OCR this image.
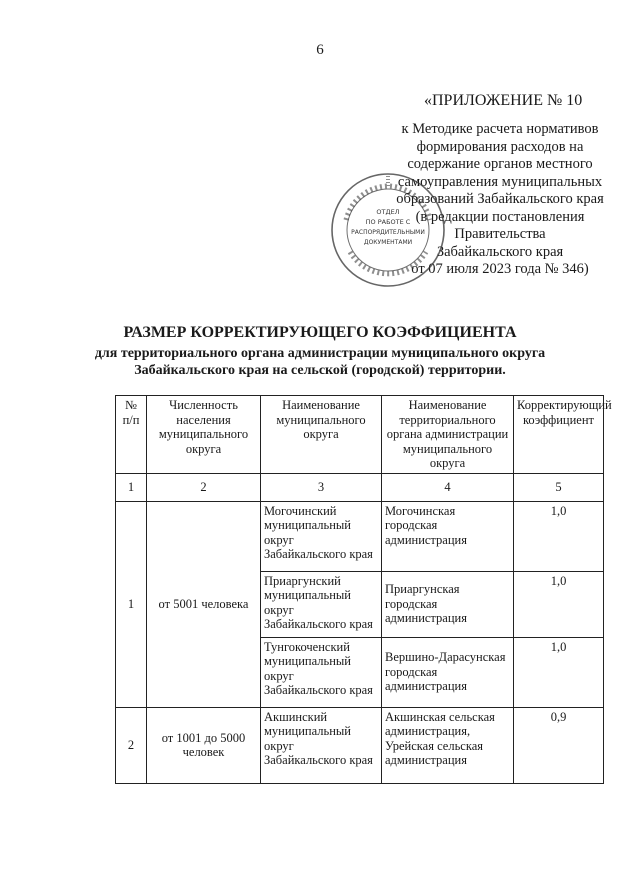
6
«ПРИЛОЖЕНИЕ № 10
к Методике расчета нормативов
формирования расходов на
содержание органов местного
самоуправления муниципальных
образований Забайкальского края
(в редакции постановления
Правительства
Забайкальского края
от 07 июля 2023 года № 346)
ОТДЕЛ
ПО РАБОТЕ С
РАСПОРЯДИТЕЛЬНЫМИ
ДОКУМЕНТАМИ
РАЗМЕР КОРРЕКТИРУЮЩЕГО КОЭФФИЦИЕНТА
для территориального органа администрации муниципального округа
Забайкальского края на сельской (городской) территории.
№ п/п	Численность населения муниципального округа	Наименование муниципального округа	Наименование территориального органа администрации муниципального округа	Корректирующий коэффициент
1	2	3	4	5
1	от 5001 человека	Могочинский муниципальный округ Забайкальского края	Могочинская городская администрация	1,0
		Приаргунский муниципальный округ Забайкальского края	Приаргунская городская администрация	1,0
		Тунгокоченский муниципальный округ Забайкальского края	Вершино-Дарасунская городская администрация	1,0
2	от 1001 до 5000 человек	Акшинский муниципальный округ Забайкальского края	Акшинская сельская администрация, Урейская сельская администрация	0,9
